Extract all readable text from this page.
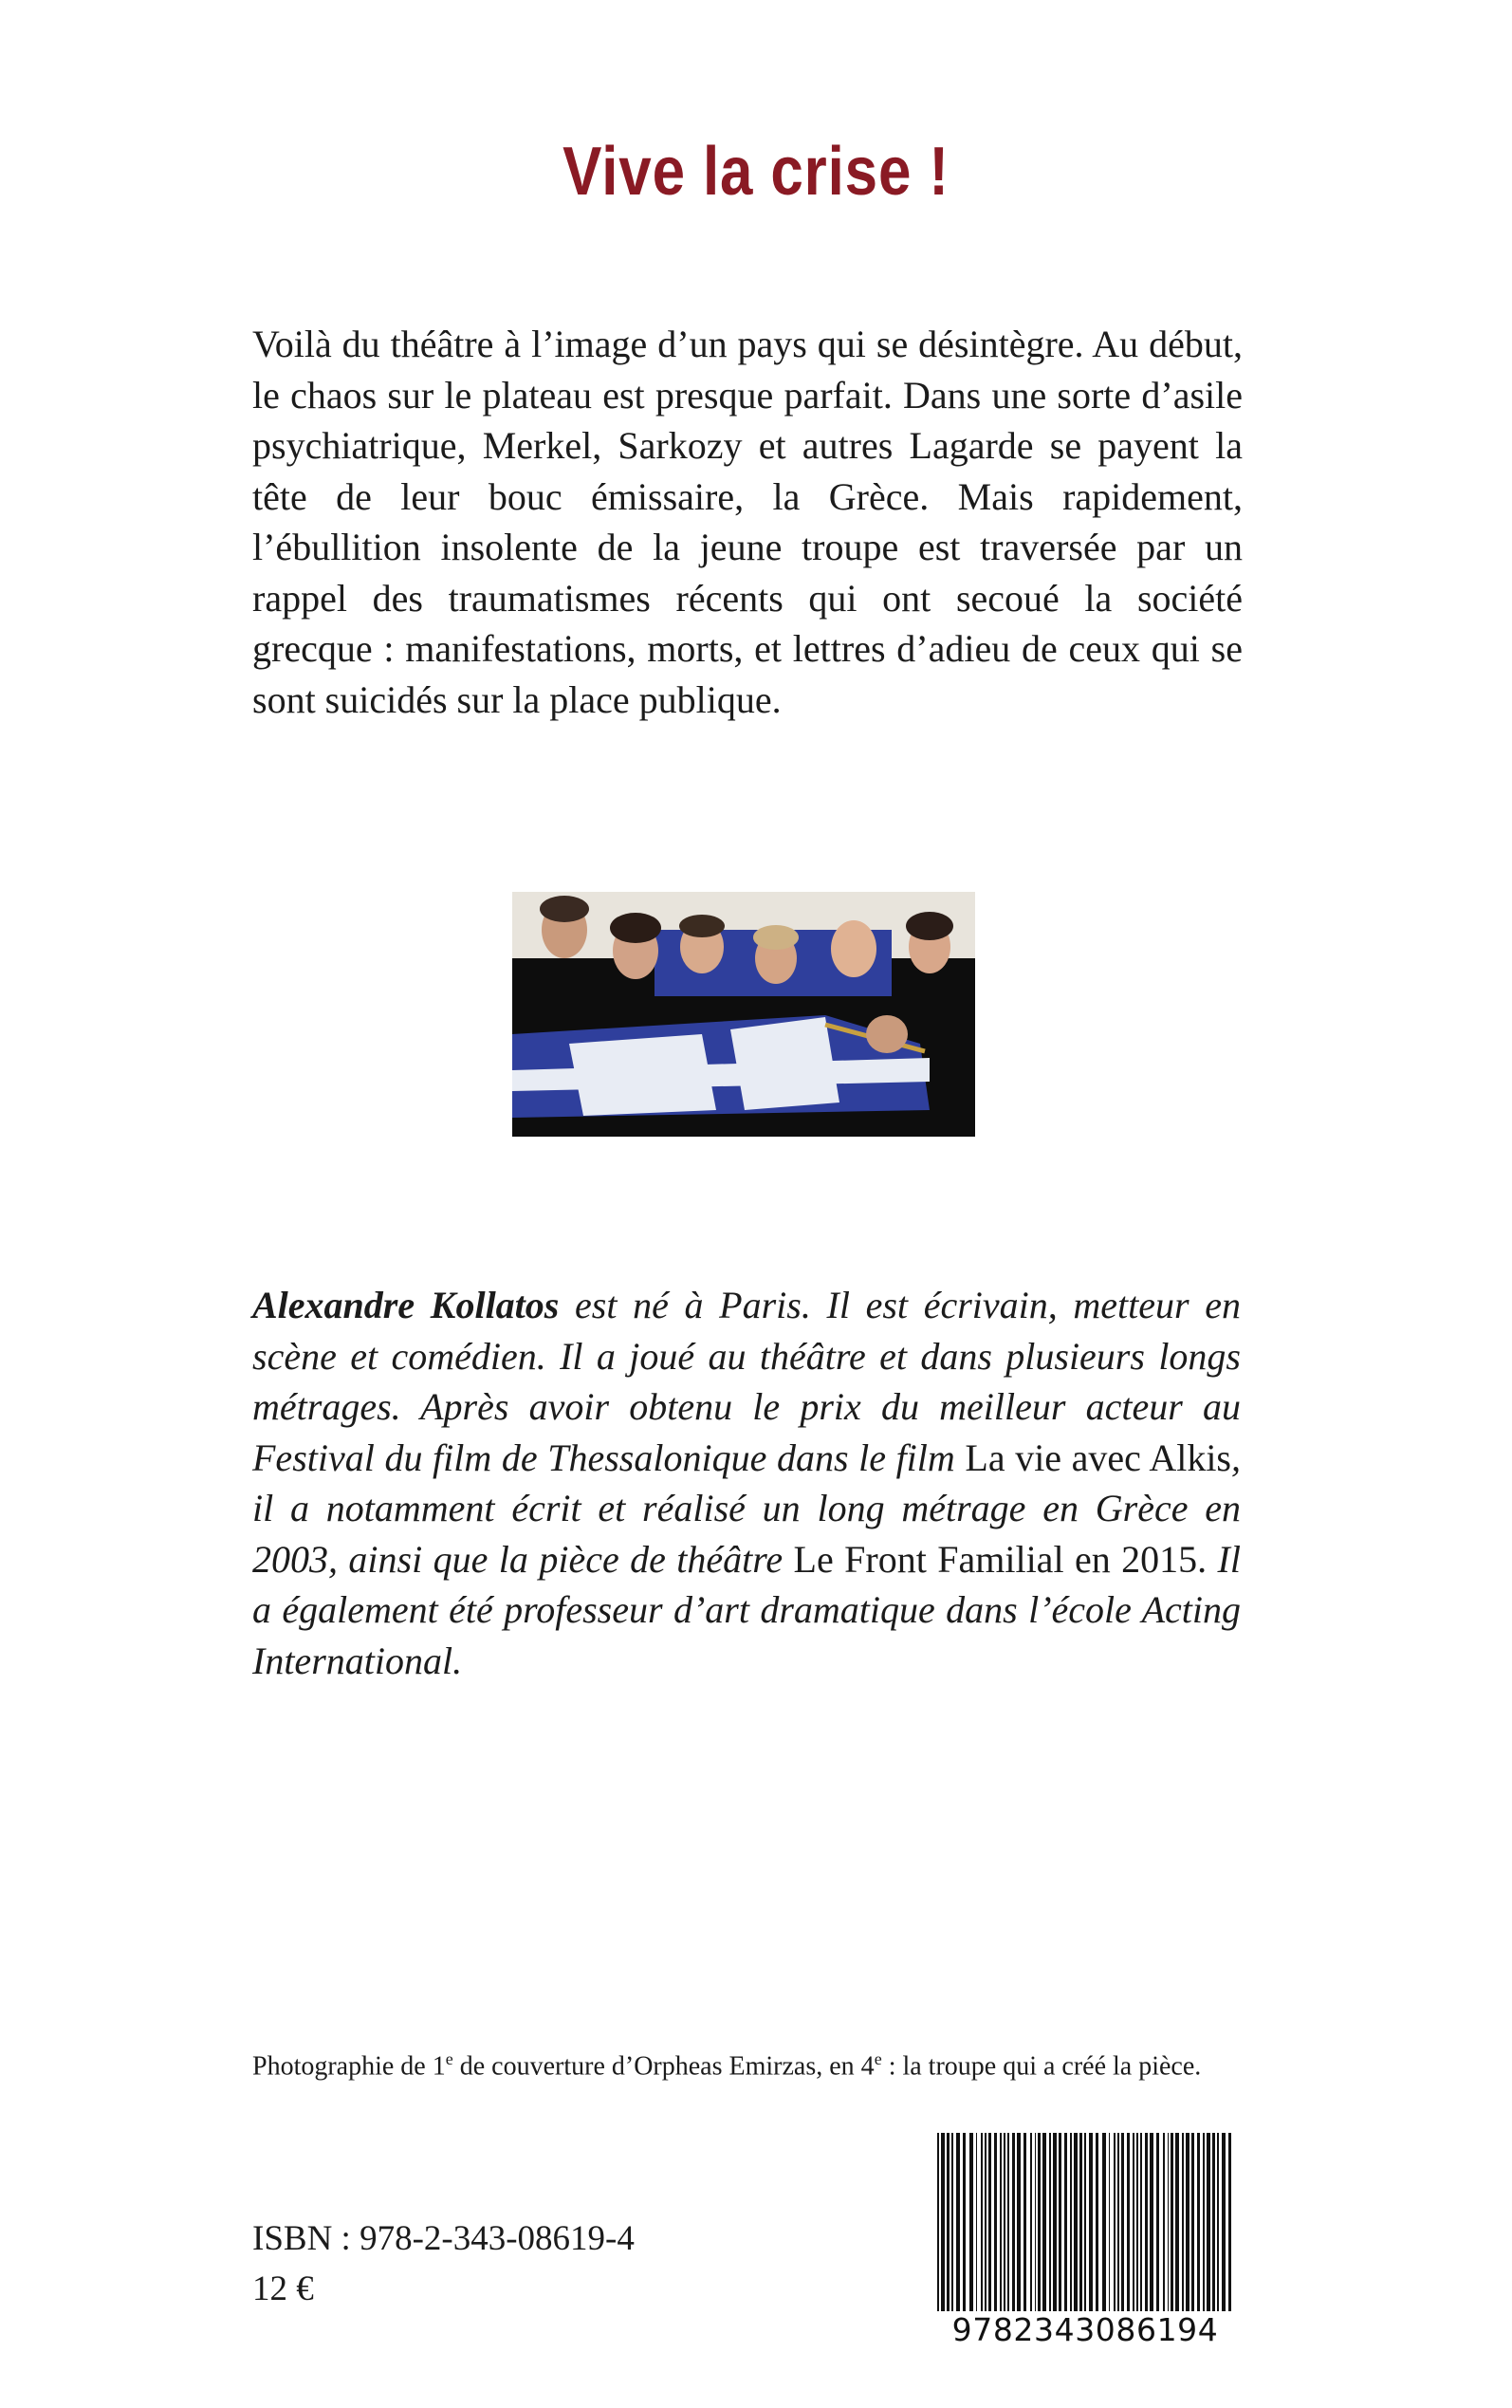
Vive la crise !

Voilà du théâtre à l’image d’un pays qui se désintègre. Au début, le chaos sur le plateau est presque parfait. Dans une sorte d’asile psychiatrique, Merkel, Sarkozy et autres Lagarde se payent la tête de leur bouc émissaire, la Grèce. Mais rapidement, l’ébullition insolente de la jeune troupe est traversée par un rappel des traumatismes récents qui ont secoué la société grecque : manifestations, morts, et lettres d’adieu de ceux qui se sont suicidés sur la place publique.

Alexandre Kollatos est né à Paris. Il est écrivain, metteur en scène et comédien. Il a joué au théâtre et dans plusieurs longs métrages. Après avoir obtenu le prix du meilleur acteur au Festival du film de Thessalonique dans le film La vie avec Alkis, il a notamment écrit et réalisé un long métrage en Grèce en 2003, ainsi que la pièce de théâtre Le Front Familial en 2015. Il a également été professeur d’art dramatique dans l’école Acting International.

Photographie de 1e de couverture d’Orpheas Emirzas, en 4e : la troupe qui a créé la pièce.

ISBN : 978-2-343-08619-4

12 €

9782343086194
